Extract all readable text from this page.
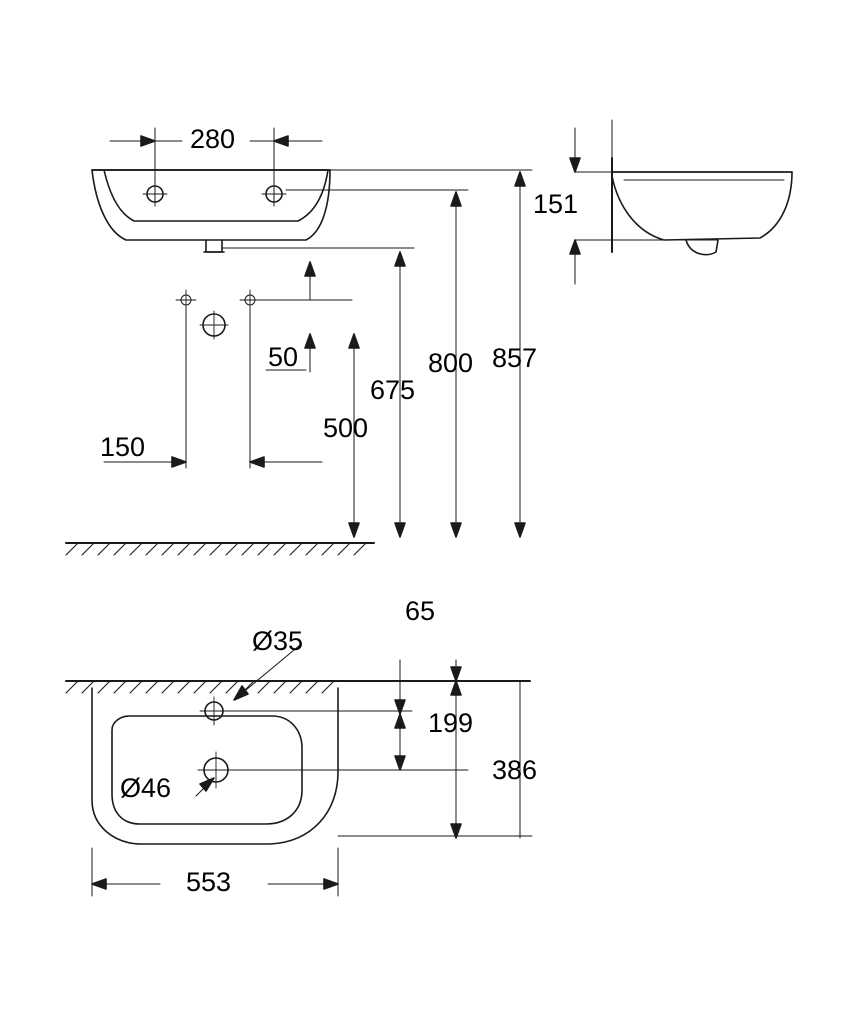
280
151
50
150
500
675
800 857
65
Ø35
Ø46
199
386
553
